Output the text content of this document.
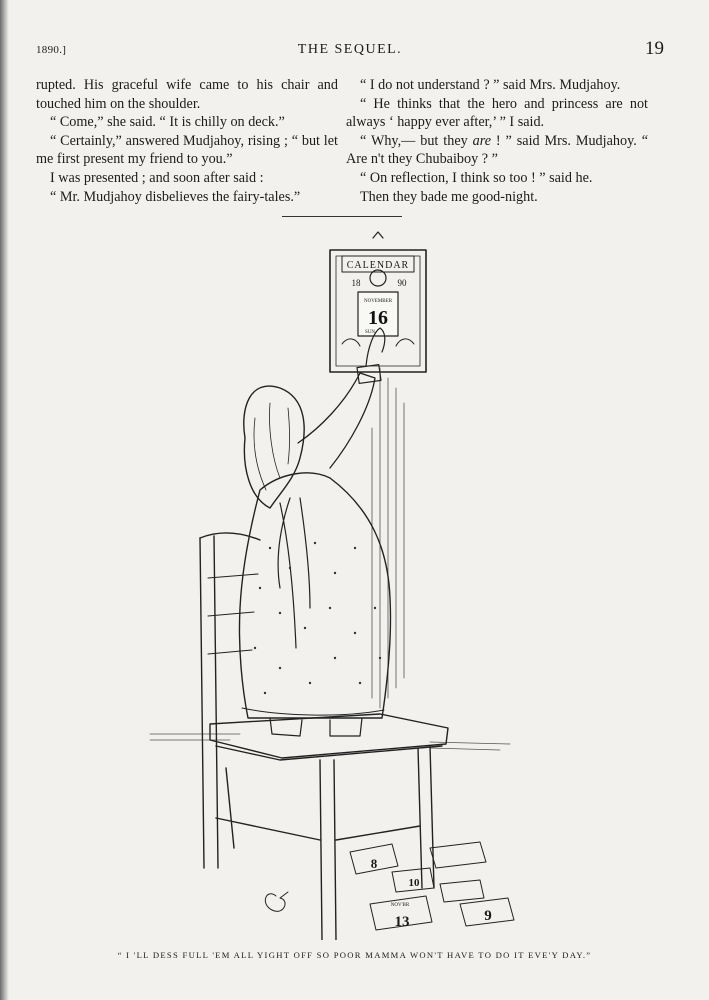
1890.]	THE SEQUEL.	19

rupted. His graceful wife came to his chair and touched him on the shoulder.

“ Come,” she said. “ It is chilly on deck.”

“ Certainly,” answered Mudjahoy, rising ; “ but let me first present my friend to you.”

I was presented ; and soon after said :

“ Mr. Mudjahoy disbelieves the fairy-tales.”

“ I do not understand ? ” said Mrs. Mudjahoy.

“ He thinks that the hero and princess are not always ‘ happy ever after,’ ” I said.

“ Why,— but they are ! ” said Mrs. Mudjahoy. “ Are n't they Chubaiboy ? ”

“ On reflection, I think so too ! ” said he.

Then they bade me good-night.

CALENDAR
18	90
NOVEMBER
16
SUN
8
13	9
10
NOV'BR
“ I 'LL DESS FULL 'EM ALL YIGHT OFF SO POOR MAMMA WON'T HAVE TO DO IT EVE'Y DAY.”
